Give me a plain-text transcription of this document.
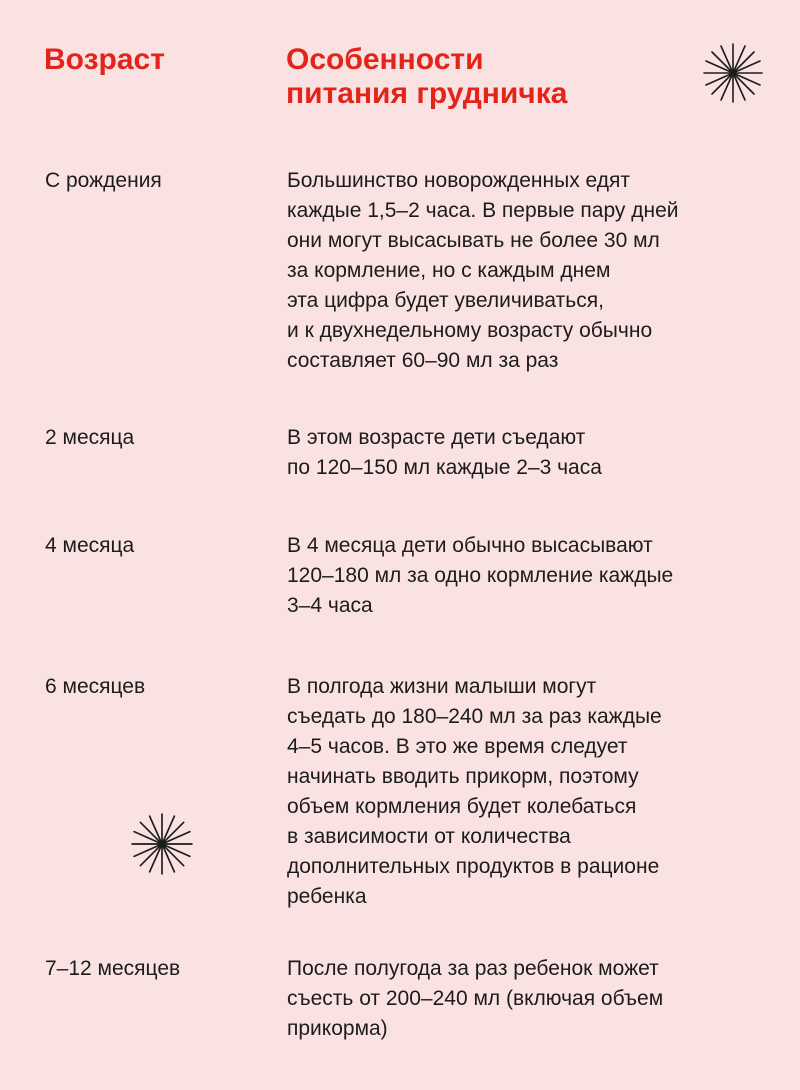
Возраст	Особенности
питания грудничка

С рождения	Большинство новорожденных едят
каждые 1,5–2 часа. В первые пару дней
они могут высасывать не более 30 мл
за кормление, но с каждым днем
эта цифра будет увеличиваться,
и к двухнедельному возрасту обычно
составляет 60–90 мл за раз

2 месяца	В этом возрасте дети съедают
по 120–150 мл каждые 2–3 часа

4 месяца	В 4 месяца дети обычно высасывают
120–180 мл за одно кормление каждые
3–4 часа

6 месяцев	В полгода жизни малыши могут
съедать до 180–240 мл за раз каждые
4–5 часов. В это же время следует
начинать вводить прикорм, поэтому
объем кормления будет колебаться
в зависимости от количества
дополнительных продуктов в рационе
ребенка

7–12 месяцев	После полугода за раз ребенок может
съесть от 200–240 мл (включая объем
прикорма)
